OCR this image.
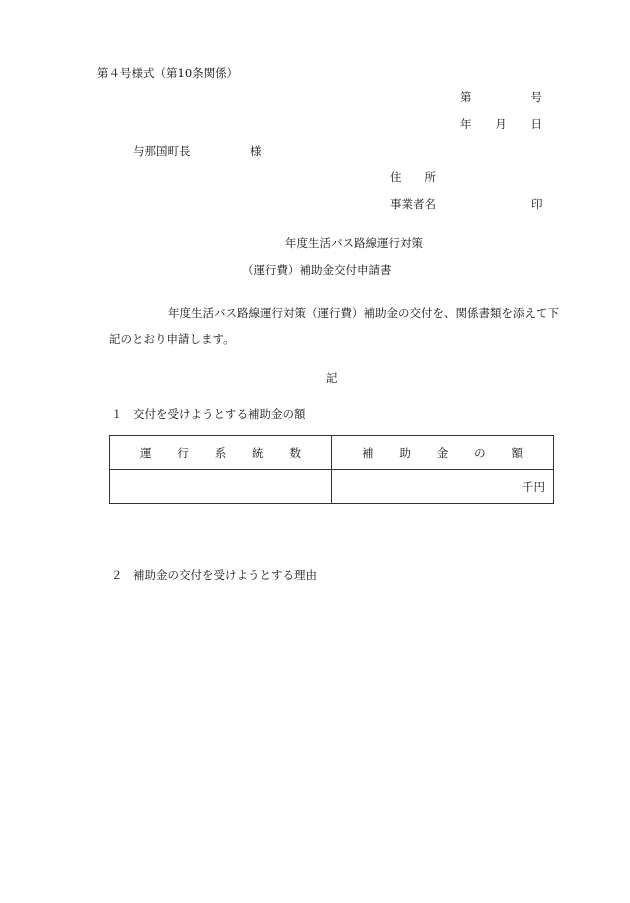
第４号様式（第10条関係）
第	号
年 月 日
与那国町長	様
住 所
事業者名	印
年度生活バス路線運行対策
（運行費）補助金交付申請書
年度生活バス路線運行対策（運行費）補助金の交付を、関係書類を添えて下
記のとおり申請します。
記
１ 交付を受けようとする補助金の額
運 行 系 統 数	補 助 金 の 額

	千円
２ 補助金の交付を受けようとする理由
